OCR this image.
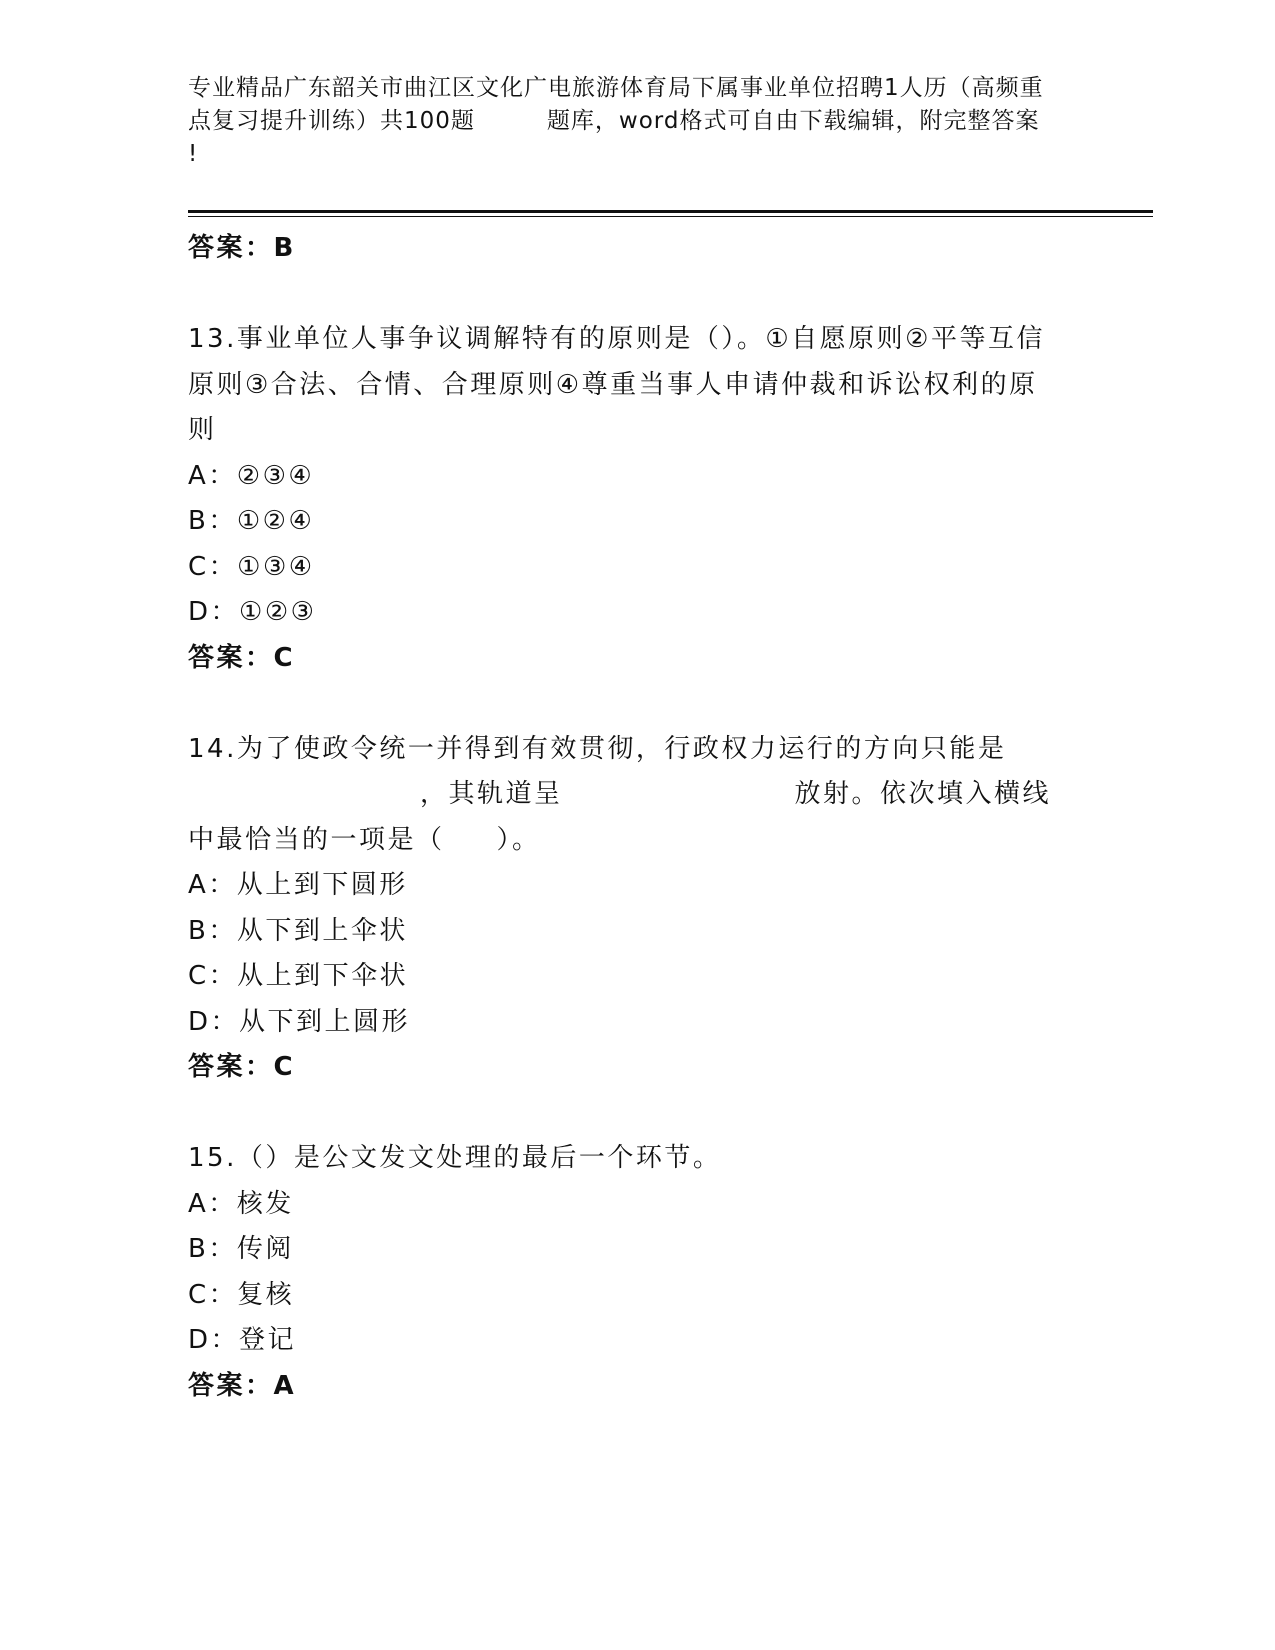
专业精品广东韶关市曲江区文化广电旅游体育局下属事业单位招聘1人历（高频重
点复习提升训练）共100题	题库，word格式可自由下载编辑，附完整答案
!
答案：B
13.事业单位人事争议调解特有的原则是（）。①自愿原则②平等互信
原则③合法、合情、合理原则④尊重当事人申请仲裁和诉讼权利的原
则
A：②③④
B：①②④
C：①③④
D：①②③
答案：C
14.为了使政令统一并得到有效贯彻，行政权力运行的方向只能是
，其轨道呈	放射。依次填入横线
中最恰当的一项是（ ）。
A：从上到下圆形
B：从下到上伞状
C：从上到下伞状
D：从下到上圆形
答案：C
15.（）是公文发文处理的最后一个环节。
A：核发
B：传阅
C：复核
D：登记
答案：A
